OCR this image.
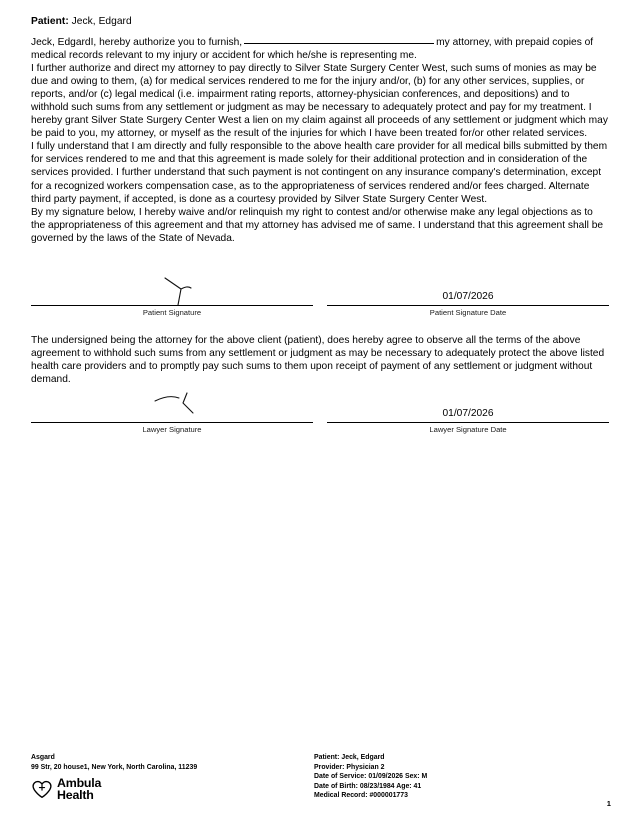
Patient: Jeck, Edgard

Jeck, EdgardI, hereby authorize you to furnish,	my attorney, with prepaid copies of medical records relevant to my injury or accident for which he/she is representing me.

I further authorize and direct my attorney to pay directly to Silver State Surgery Center West, such sums of monies as may be due and owing to them, (a) for medical services rendered to me for the injury and/or, (b) for any other services, supplies, or reports, and/or (c) legal medical (i.e. impairment rating reports, attorney-physician conferences, and depositions) and to withhold such sums from any settlement or judgment as may be necessary to adequately protect and pay for my treatment. I hereby grant Silver State Surgery Center West a lien on my claim against all proceeds of any settlement or judgment which may be paid to you, my attorney, or myself as the result of the injuries for which I have been treated for/or other related services.

I fully understand that I am directly and fully responsible to the above health care provider for all medical bills submitted by them for services rendered to me and that this agreement is made solely for their additional protection and in consideration of the services provided. I further understand that such payment is not contingent on any insurance company's determination, except for a recognized workers compensation case, as to the appropriateness of services rendered and/or fees charged. Alternate third party payment, if accepted, is done as a courtesy provided by Silver State Surgery Center West.

By my signature below, I hereby waive and/or relinquish my right to contest and/or otherwise make any legal objections as to the appropriateness of this agreement and that my attorney has advised me of same. I understand that this agreement shall be governed by the laws of the State of Nevada.

Patient Signature
01/07/2026
Patient Signature Date

The undersigned being the attorney for the above client (patient), does hereby agree to observe all the terms of the above agreement to withhold such sums from any settlement or judgment as may be necessary to adequately protect the above listed health care providers and to promptly pay such sums to them upon receipt of payment of any settlement or judgment without demand.

Lawyer Signature
01/07/2026
Lawyer Signature Date
Asgard
99 Str, 20 house1, New York, North Carolina, 11239
Ambula
Health
Patient: Jeck, Edgard
Provider: Physician 2
Date of Service: 01/09/2026 Sex: M
Date of Birth: 08/23/1984 Age: 41
Medical Record: #000001773
1
